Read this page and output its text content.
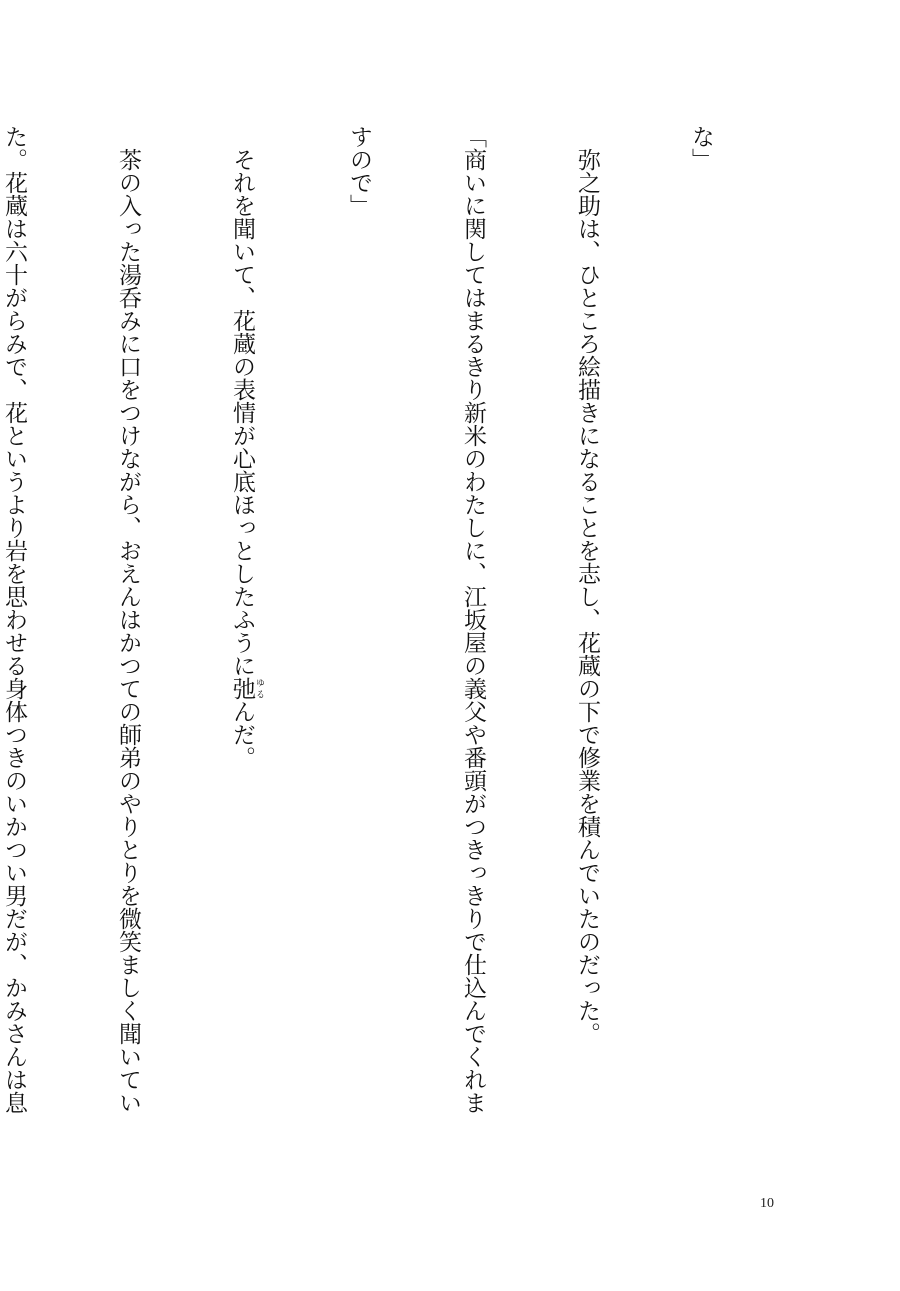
な」

　弥之助は、ひところ絵描きになることを志し、花蔵の下で修業を積んでいたのだった。

「商いに関してはまるきり新米のわたしに、江坂屋の義父や番頭がつきっきりで仕込んでくれま

すので」

　それを聞いて、花蔵の表情が心底ほっとしたふうに弛 ゆるんだ。

　茶の入った湯呑みに口をつけながら、おえんはかつての師弟のやりとりを微笑ましく聞いてい

た。花蔵は六十がらみで、花というより岩を思わせる身体つきのいかつい男だが、かみさんは息

10
